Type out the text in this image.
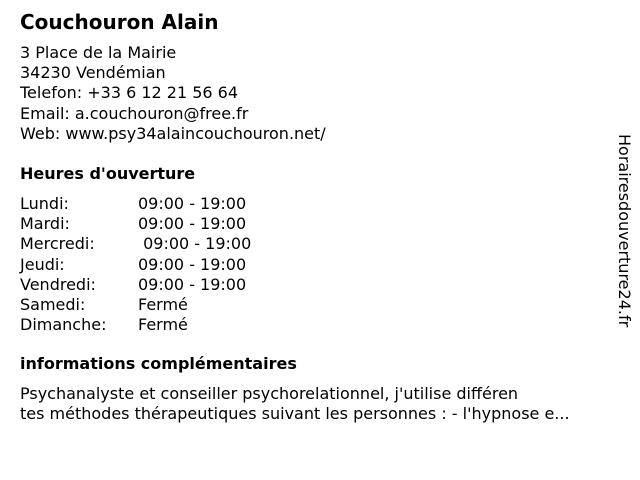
Couchouron Alain
3 Place de la Mairie
34230 Vendémian
Telefon: +33 6 12 21 56 64
Email: a.couchouron@free.fr
Web: www.psy34alaincouchouron.net/
Heures d'ouverture
Lundi:	09:00 - 19:00
Mardi:	09:00 - 19:00
Mercredi:	09:00 - 19:00
Jeudi:	09:00 - 19:00
Vendredi:	09:00 - 19:00
Samedi:	Fermé
Dimanche:	Fermé
informations complémentaires
Psychanalyste et conseiller psychorelationnel, j'utilise différen
tes méthodes thérapeutiques suivant les personnes : - l'hypnose e...
Horairesdouverture24.fr
